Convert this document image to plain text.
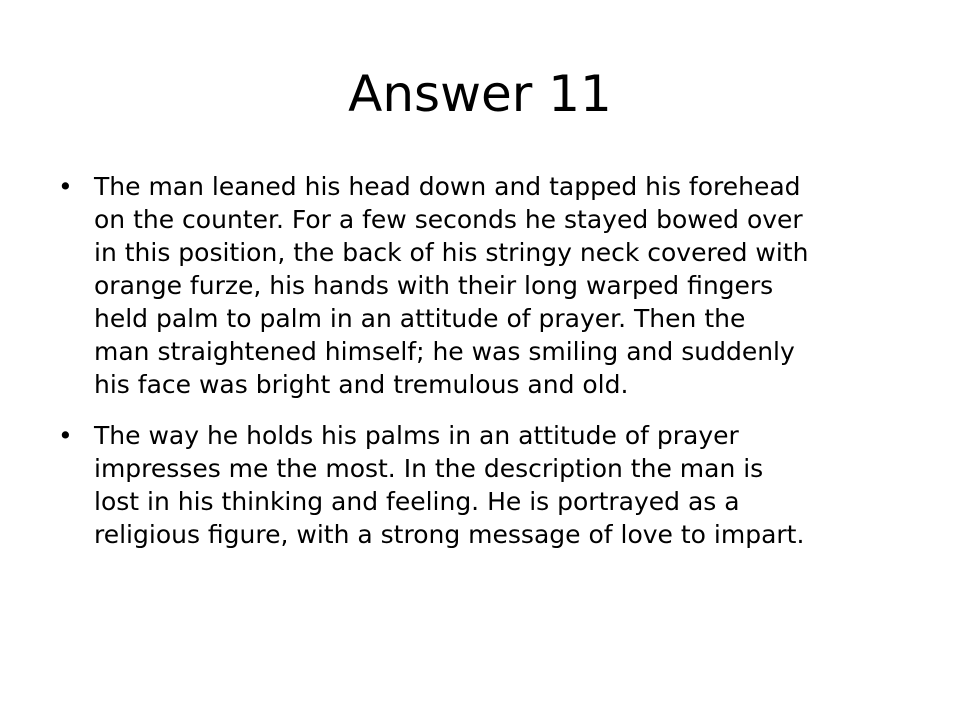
Answer 11
• The man leaned his head down and tapped his forehead
on the counter. For a few seconds he stayed bowed over
in this position, the back of his stringy neck covered with
orange furze, his hands with their long warped fingers
held palm to palm in an attitude of prayer. Then the
man straightened himself; he was smiling and suddenly
his face was bright and tremulous and old.
• The way he holds his palms in an attitude of prayer
impresses me the most. In the description the man is
lost in his thinking and feeling. He is portrayed as a
religious figure, with a strong message of love to impart.
